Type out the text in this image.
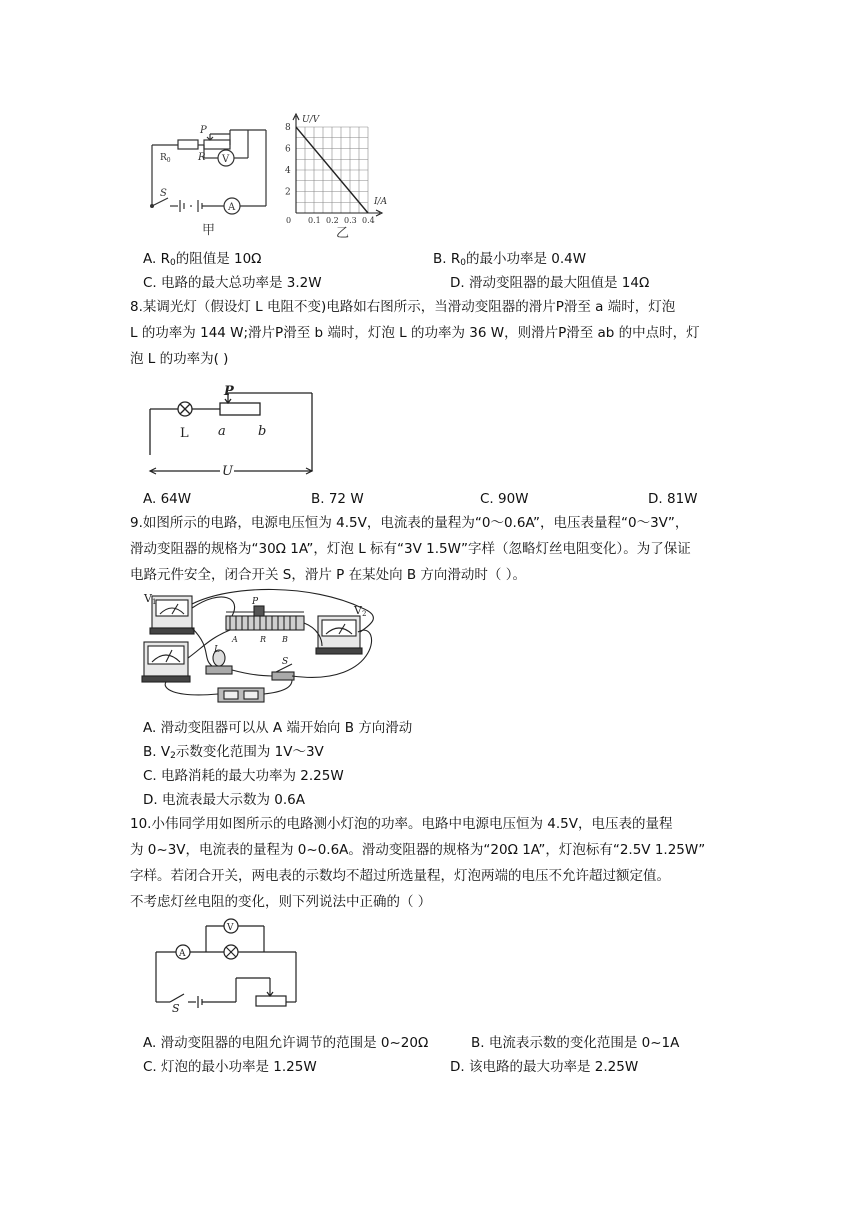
$R_0$
P
R V
S
A
甲
8
6
4
2
0 0.1 0.2 0.3 0.4
U/V
I/A
乙
A. $R_0$的阻值是 10Ω	B. $R_0$的最小功率是 0.4W
C. 电路的最大总功率是 3.2W	D. 滑动变阻器的最大阻值是 14Ω
8.某调光灯（假设灯 L 电阻不变)电路如右图所示，当滑动变阻器的滑片P滑至 a 端时，灯泡
L 的功率为 144 W;滑片P滑至 b 端时，灯泡 L 的功率为 36 W，则滑片P滑至 ab 的中点时，灯
泡 L 的功率为( )
P
L a b
U
A. 64W	B. 72 W	C. 90W	D. 81W
9.如图所示的电路，电源电压恒为 4.5V，电流表的量程为“0～0.6A”，电压表量程“0～3V”，
滑动变阻器的规格为“30Ω 1A”，灯泡 L 标有“3V 1.5W”字样（忽略灯丝电阻变化）。为了保证
电路元件安全，闭合开关 S，滑片 P 在某处向 B 方向滑动时（ ）。
V1
V2
P
A	R B
L
S
A. 滑动变阻器可以从 A 端开始向 B 方向滑动
B. $V_2$示数变化范围为 1V～3V
C. 电路消耗的最大功率为 2.25W
D. 电流表最大示数为 0.6A
10.小伟同学用如图所示的电路测小灯泡的功率。电路中电源电压恒为 4.5V，电压表的量程
为 0~3V，电流表的量程为 0~0.6A。滑动变阻器的规格为“20Ω 1A”，灯泡标有“2.5V 1.25W”
字样。若闭合开关，两电表的示数均不超过所选量程，灯泡两端的电压不允许超过额定值。
不考虑灯丝电阻的变化，则下列说法中正确的（ ）
A
V
S
A. 滑动变阻器的电阻允许调节的范围是 0~20Ω	B. 电流表示数的变化范围是 0~1A
C. 灯泡的最小功率是 1.25W	D. 该电路的最大功率是 2.25W
